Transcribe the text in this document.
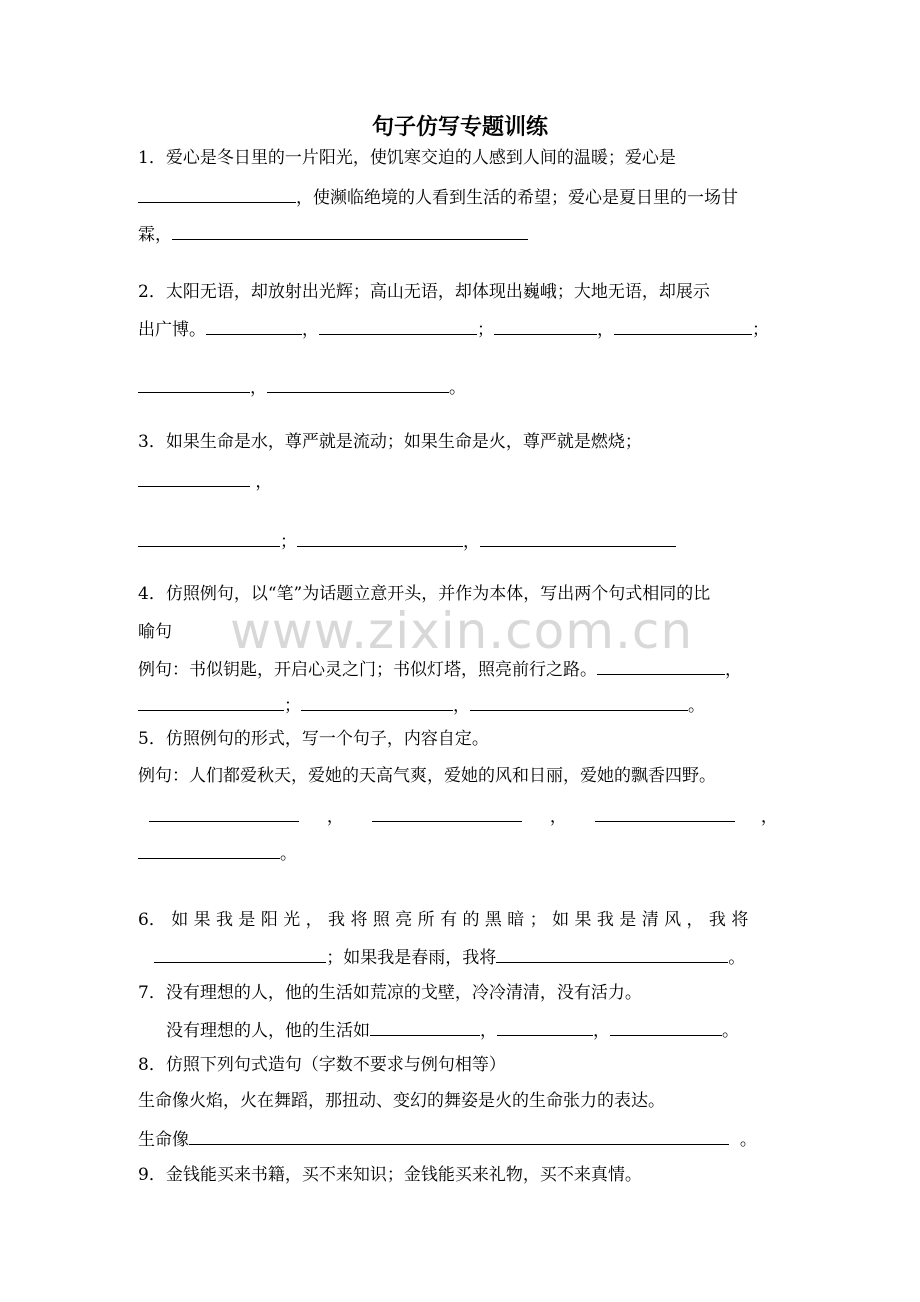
www.zixin.com.cn
句子仿写专题训练
1．爱心是冬日里的一片阳光，使饥寒交迫的人感到人间的温暖；爱心是
，使濒临绝境的人看到生活的希望；爱心是夏日里的一场甘
霖，
2．太阳无语，却放射出光辉；高山无语，却体现出巍峨；大地无语，却展示
出广博。	，	；	，	；
，	。
3．如果生命是水，尊严就是流动；如果生命是火，尊严就是燃烧；
，
；	，
4．仿照例句，以“笔”为话题立意开头，并作为本体，写出两个句式相同的比
喻句
例句：书似钥匙，开启心灵之门；书似灯塔，照亮前行之路。	，
；	，	。
5．仿照例句的形式，写一个句子，内容自定。
例句：人们都爱秋天，爱她的天高气爽，爱她的风和日丽，爱她的飘香四野。
，	，	，
。
6． 如 果 我 是 阳 光 ， 我 将 照 亮 所 有 的 黑 暗 ； 如 果 我 是 清 风 ， 我 将
；如果我是春雨，我将	。
7．没有理想的人，他的生活如荒凉的戈壁，冷冷清清，没有活力。
没有理想的人，他的生活如	，	，	。
8．仿照下列句式造句（字数不要求与例句相等）
生命像火焰，火在舞蹈，那扭动、变幻的舞姿是火的生命张力的表达。
生命像	。
9．金钱能买来书籍，买不来知识；金钱能买来礼物，买不来真情。
